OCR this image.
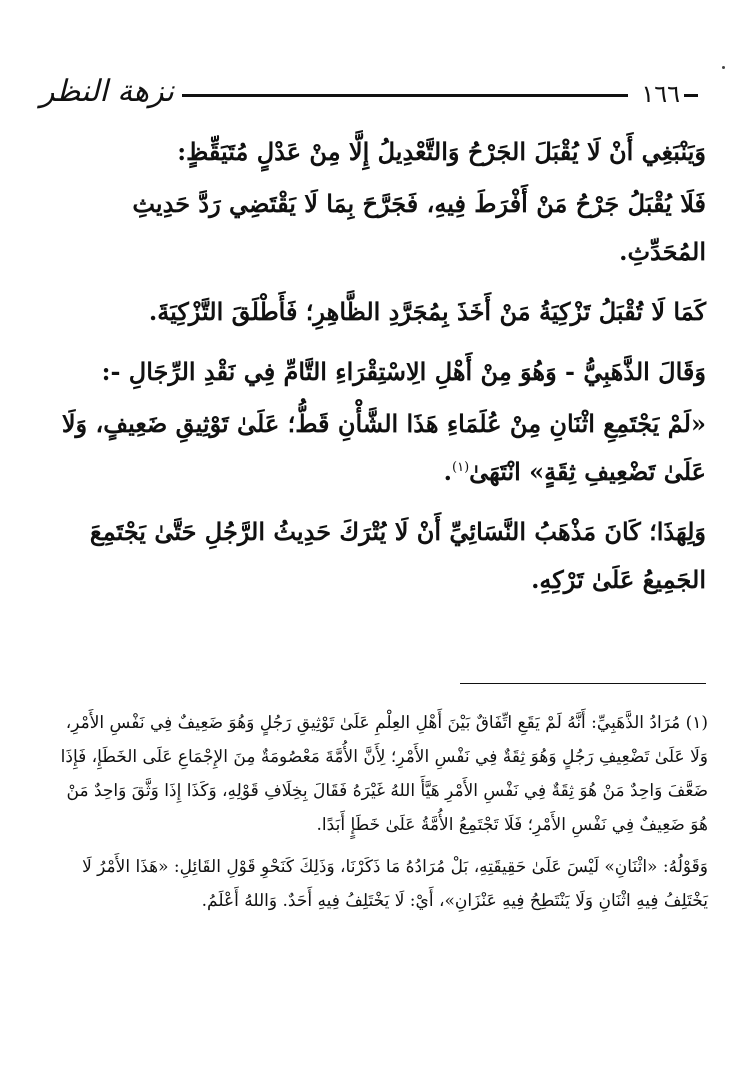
نزهة النظر	١٦٦

وَيَنْبَغِي أَنْ لَا يُقْبَلَ الجَرْحُ وَالتَّعْدِيلُ إِلَّا مِنْ عَدْلٍ مُتَيَقِّظٍ:

فَلَا يُقْبَلُ جَرْحُ مَنْ أَفْرَطَ فِيهِ، فَجَرَّحَ بِمَا لَا يَقْتَضِي رَدَّ حَدِيثِ المُحَدِّثِ.

كَمَا لَا تُقْبَلُ تَزْكِيَةُ مَنْ أَخَذَ بِمُجَرَّدِ الظَّاهِرِ؛ فَأَطْلَقَ التَّزْكِيَةَ.

وَقَالَ الذَّهَبِيُّ - وَهُوَ مِنْ أَهْلِ الِاسْتِقْرَاءِ التَّامِّ فِي نَقْدِ الرِّجَالِ -:

«لَمْ يَجْتَمِعِ اثْنَانِ مِنْ عُلَمَاءِ هَذَا الشَّأْنِ قَطُّ؛ عَلَىٰ تَوْثِيقِ ضَعِيفٍ، وَلَا عَلَىٰ تَضْعِيفِ ثِقَةٍ» انْتَهَىٰ$^{(١)}$.

وَلِهَذَا؛ كَانَ مَذْهَبُ النَّسَائِيِّ أَنْ لَا يُتْرَكَ حَدِيثُ الرَّجُلِ حَتَّىٰ يَجْتَمِعَ الجَمِيعُ عَلَىٰ تَرْكِهِ.

(١) مُرَادُ الذَّهَبِيِّ: أَنَّهُ لَمْ يَقَعِ اتِّفَاقٌ بَيْنَ أَهْلِ العِلْمِ عَلَىٰ تَوْثِيقِ رَجُلٍ وَهُوَ ضَعِيفٌ فِي نَفْسِ الأَمْرِ، وَلَا عَلَىٰ تَضْعِيفِ رَجُلٍ وَهُوَ ثِقَةٌ فِي نَفْسِ الأَمْرِ؛ لِأَنَّ الأُمَّةَ مَعْصُومَةٌ مِنَ الإِجْمَاعِ عَلَى الخَطَإِ، فَإِذَا ضَعَّفَ وَاحِدٌ مَنْ هُوَ ثِقَةٌ فِي نَفْسِ الأَمْرِ هَيَّأَ اللهُ غَيْرَهُ فَقَالَ بِخِلَافِ قَوْلِهِ، وَكَذَا إِذَا وَثَّقَ وَاحِدٌ مَنْ هُوَ ضَعِيفٌ فِي نَفْسِ الأَمْرِ؛ فَلَا تَجْتَمِعُ الأُمَّةُ عَلَىٰ خَطَإٍ أَبَدًا.

وَقَوْلُهُ: «اثْنَانِ» لَيْسَ عَلَىٰ حَقِيقَتِهِ، بَلْ مُرَادُهُ مَا ذَكَرْنَا، وَذَلِكَ كَنَحْوِ قَوْلِ القَائِلِ: «هَذَا الأَمْرُ لَا يَخْتَلِفُ فِيهِ اثْنَانِ وَلَا يَنْتَطِحُ فِيهِ عَنْزَانِ»، أَيْ: لَا يَخْتَلِفُ فِيهِ أَحَدٌ. وَاللهُ أَعْلَمُ.
